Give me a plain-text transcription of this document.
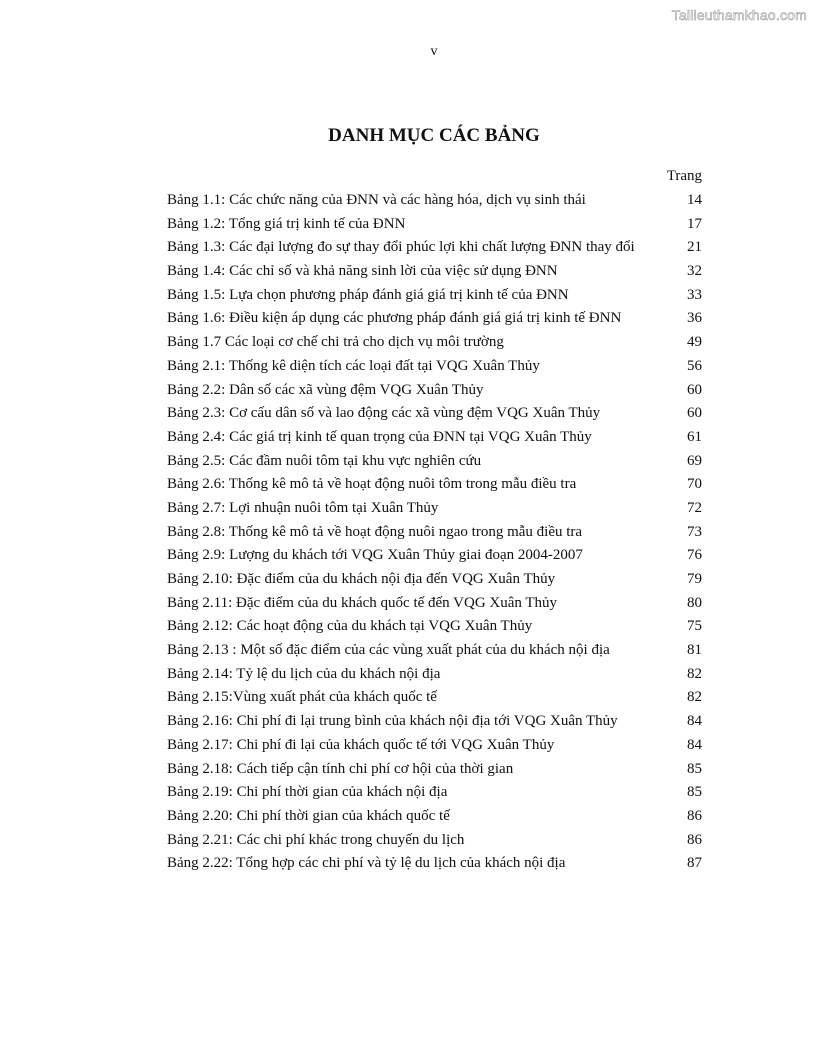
Tailieuthamkhao.com
v
DANH MỤC CÁC BẢNG
Trang
Bảng 1.1: Các chức năng của ĐNN và các hàng hóa, dịch vụ sinh thái	14
Bảng 1.2: Tổng giá trị kinh tế của ĐNN	17
Bảng 1.3: Các đại lượng đo sự thay đổi phúc lợi khi chất lượng ĐNN thay đổi	21
Bảng 1.4: Các chỉ số và khả năng sinh lời của việc sử dụng ĐNN	32
Bảng 1.5: Lựa chọn phương pháp đánh giá giá trị kinh tế của ĐNN	33
Bảng 1.6: Điều kiện áp dụng các phương pháp đánh giá giá trị kinh tế ĐNN	36
Bảng 1.7 Các loại cơ chế chi trả cho dịch vụ môi trường	49
Bảng 2.1: Thống kê diện tích các loại đất tại VQG Xuân Thủy	56
Bảng 2.2: Dân số các xã vùng đệm VQG Xuân Thủy	60
Bảng 2.3: Cơ cấu dân số và lao động các xã vùng đệm VQG Xuân Thủy	60
Bảng 2.4: Các giá trị kinh tế quan trọng của ĐNN tại VQG Xuân Thủy	61
Bảng 2.5: Các đầm nuôi tôm tại khu vực nghiên cứu	69
Bảng 2.6: Thống kê mô tả về hoạt động nuôi tôm trong mẫu điều tra	70
Bảng 2.7: Lợi nhuận nuôi tôm tại Xuân Thủy	72
Bảng 2.8: Thống kê mô tả về hoạt động nuôi ngao trong mẫu điều tra	73
Bảng 2.9: Lượng du khách tới VQG Xuân Thủy giai đoạn 2004-2007	76
Bảng 2.10: Đặc điểm của du khách nội địa đến VQG Xuân Thủy	79
Bảng 2.11: Đặc điểm của du khách quốc tế đến VQG Xuân Thủy	80
Bảng 2.12: Các hoạt động của du khách tại VQG Xuân Thủy	75
Bảng 2.13 : Một số đặc điểm của các vùng xuất phát của du khách nội địa	81
Bảng 2.14: Tỷ lệ du lịch của du khách nội địa	82
Bảng 2.15:Vùng xuất phát của khách quốc tế	82
Bảng 2.16: Chi phí đi lại trung bình của khách nội địa tới VQG Xuân Thủy	84
Bảng 2.17: Chi phí đi lại của khách quốc tế tới VQG Xuân Thủy	84
Bảng 2.18: Cách tiếp cận tính chi phí cơ hội của thời gian	85
Bảng 2.19: Chi phí thời gian của khách nội địa	85
Bảng 2.20: Chi phí thời gian của khách quốc tế	86
Bảng 2.21: Các chi phí khác trong chuyến du lịch	86
Bảng 2.22: Tổng hợp các chi phí và tỷ lệ du lịch của khách nội địa	87
